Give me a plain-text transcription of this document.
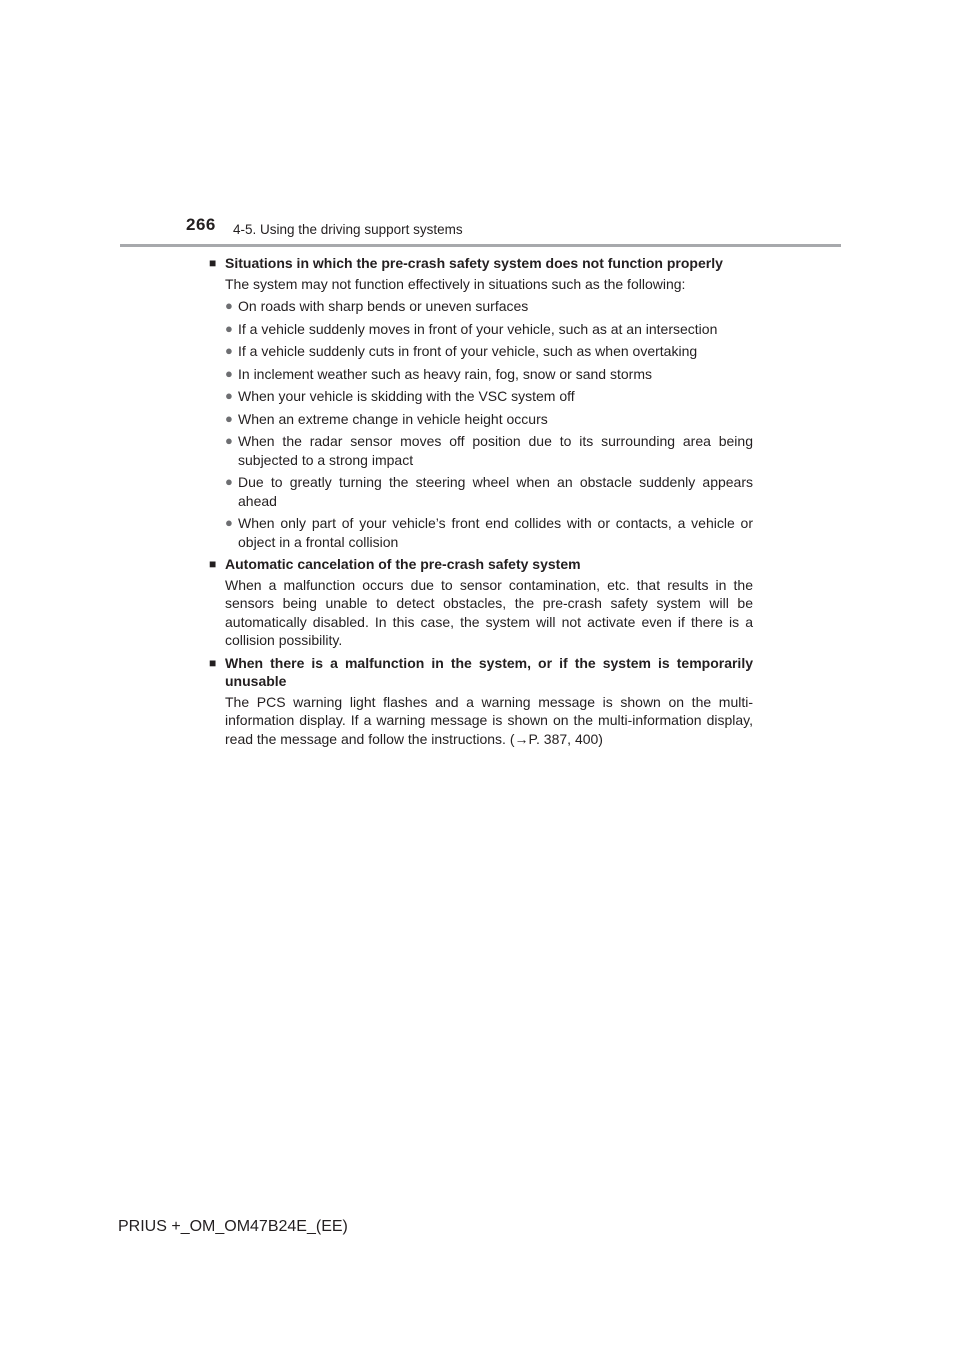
266 4-5. Using the driving support systems
■ Situations in which the pre-crash safety system does not function properly
The system may not function effectively in situations such as the following:
● On roads with sharp bends or uneven surfaces
● If a vehicle suddenly moves in front of your vehicle, such as at an intersection
● If a vehicle suddenly cuts in front of your vehicle, such as when overtaking
● In inclement weather such as heavy rain, fog, snow or sand storms
● When your vehicle is skidding with the VSC system off
● When an extreme change in vehicle height occurs
● When the radar sensor moves off position due to its surrounding area being subjected to a strong impact
● Due to greatly turning the steering wheel when an obstacle suddenly appears ahead
● When only part of your vehicle’s front end collides with or contacts, a vehicle or object in a frontal collision
■ Automatic cancelation of the pre-crash safety system
When a malfunction occurs due to sensor contamination, etc. that results in the sensors being unable to detect obstacles, the pre-crash safety system will be automatically disabled. In this case, the system will not activate even if there is a collision possibility.
■ When there is a malfunction in the system, or if the system is temporarily unusable
The PCS warning light flashes and a warning message is shown on the multi-information display. If a warning message is shown on the multi-information display, read the message and follow the instructions. (→P. 387, 400)
PRIUS +_OM_OM47B24E_(EE)
